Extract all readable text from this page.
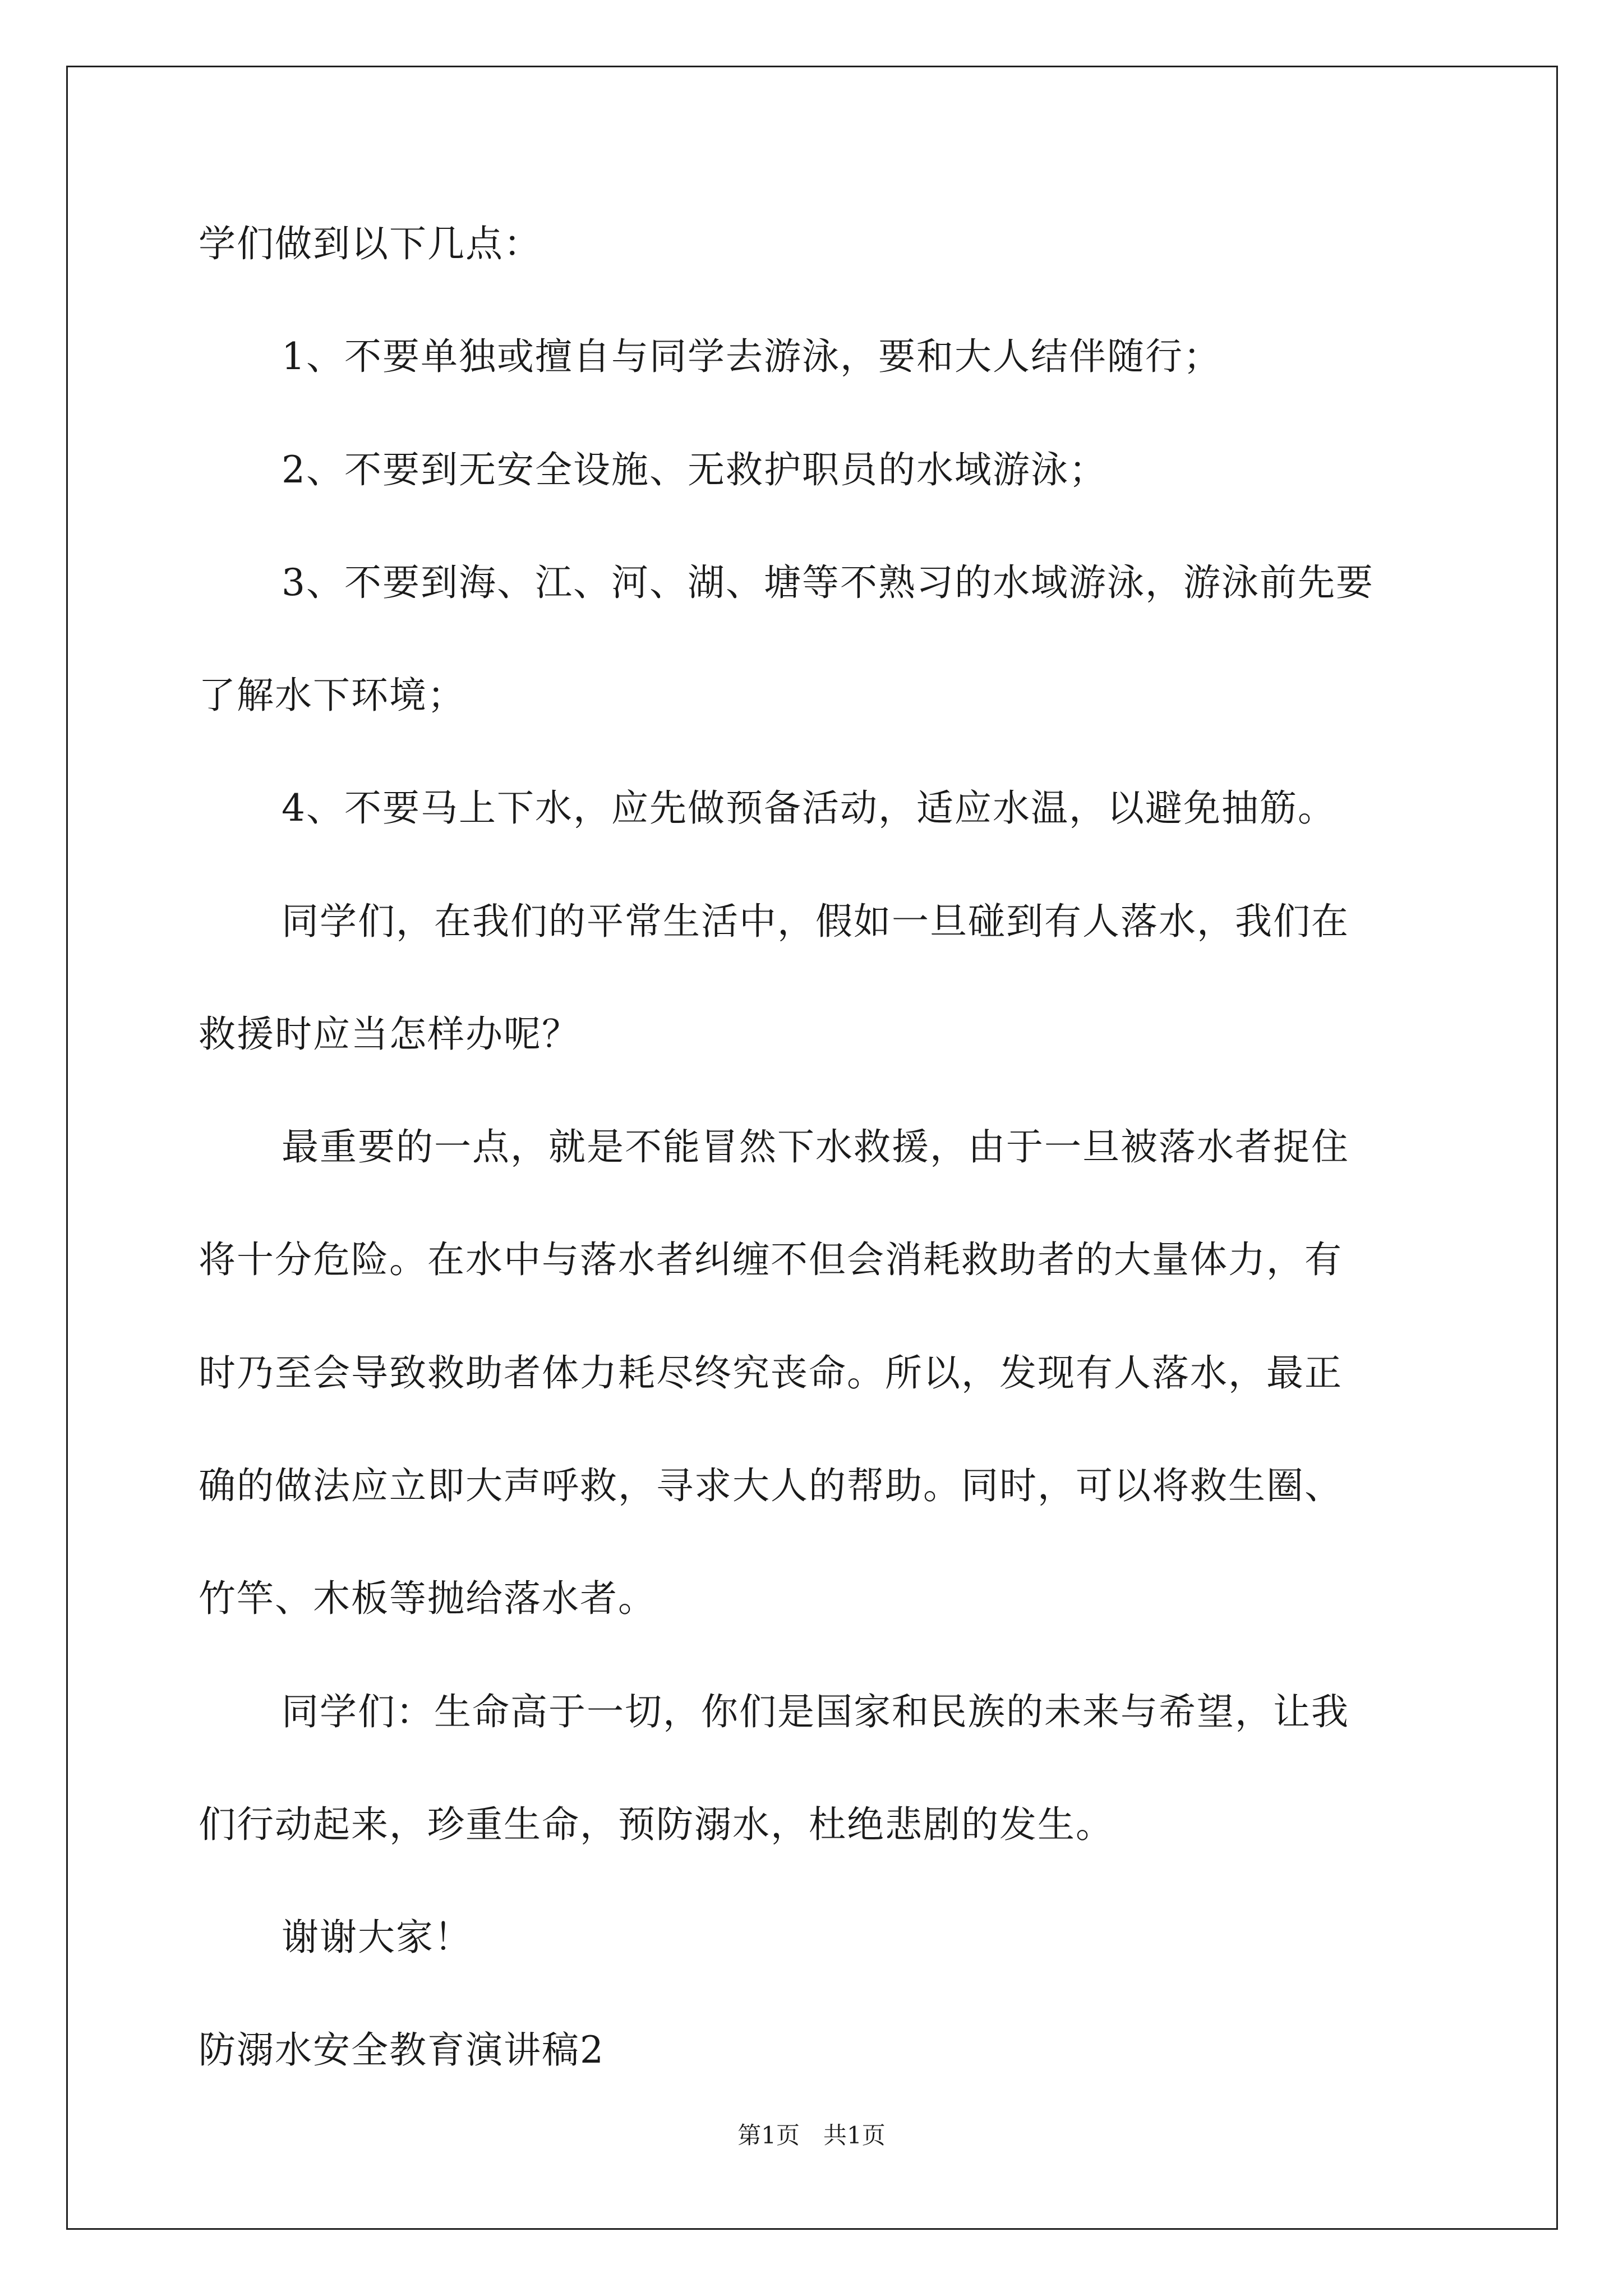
学们做到以下几点：
1、不要单独或擅自与同学去游泳，要和大人结伴随行；
2、不要到无安全设施、无救护职员的水域游泳；
3、不要到海、江、河、湖、塘等不熟习的水域游泳，游泳前先要
了解水下环境；
4、不要马上下水，应先做预备活动，适应水温，以避免抽筋。
同学们，在我们的平常生活中，假如一旦碰到有人落水，我们在
救援时应当怎样办呢？
最重要的一点，就是不能冒然下水救援，由于一旦被落水者捉住
将十分危险。在水中与落水者纠缠不但会消耗救助者的大量体力，有
时乃至会导致救助者体力耗尽终究丧命。所以，发现有人落水，最正
确的做法应立即大声呼救，寻求大人的帮助。同时，可以将救生圈、
竹竿、木板等抛给落水者。
同学们：生命高于一切，你们是国家和民族的未来与希望，让我
们行动起来，珍重生命，预防溺水，杜绝悲剧的发生。
谢谢大家！
防溺水安全教育演讲稿2
第1页　共1页
